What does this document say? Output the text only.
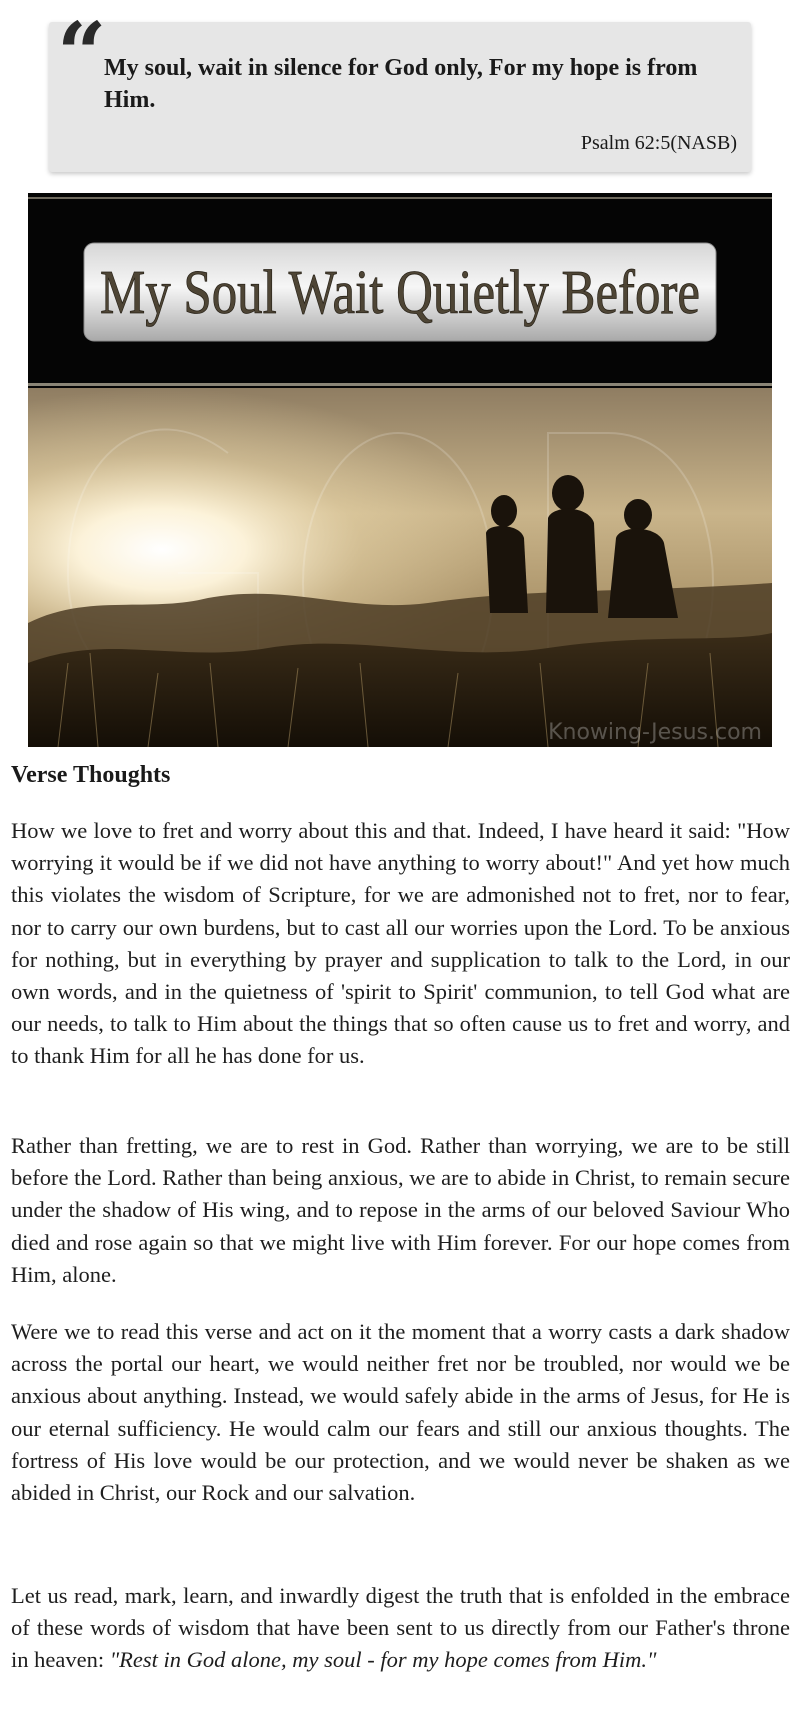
“
My soul, wait in silence for God only, For my hope is from Him.
Psalm 62:5(NASB)
My Soul Wait Quietly Before
Knowing-Jesus.com
Verse Thoughts

How we love to fret and worry about this and that. Indeed, I have heard it said: "How worrying it would be if we did not have anything to worry about!" And yet how much this violates the wisdom of Scripture, for we are admonished not to fret, nor to fear, nor to carry our own burdens, but to cast all our worries upon the Lord. To be anxious for nothing, but in everything by prayer and supplication to talk to the Lord, in our own words, and in the quietness of 'spirit to Spirit' communion, to tell God what are our needs, to talk to Him about the things that so often cause us to fret and worry, and to thank Him for all he has done for us.

Rather than fretting, we are to rest in God. Rather than worrying, we are to be still before the Lord. Rather than being anxious, we are to abide in Christ, to remain secure under the shadow of His wing, and to repose in the arms of our beloved Saviour Who died and rose again so that we might live with Him forever. For our hope comes from Him, alone.

Were we to read this verse and act on it the moment that a worry casts a dark shadow across the portal our heart, we would neither fret nor be troubled, nor would we be anxious about anything. Instead, we would safely abide in the arms of Jesus, for He is our eternal sufficiency. He would calm our fears and still our anxious thoughts. The fortress of His love would be our protection, and we would never be shaken as we abided in Christ, our Rock and our salvation.

Let us read, mark, learn, and inwardly digest the truth that is enfolded in the embrace of these words of wisdom that have been sent to us directly from our Father's throne in heaven: "Rest in God alone, my soul - for my hope comes from Him."
